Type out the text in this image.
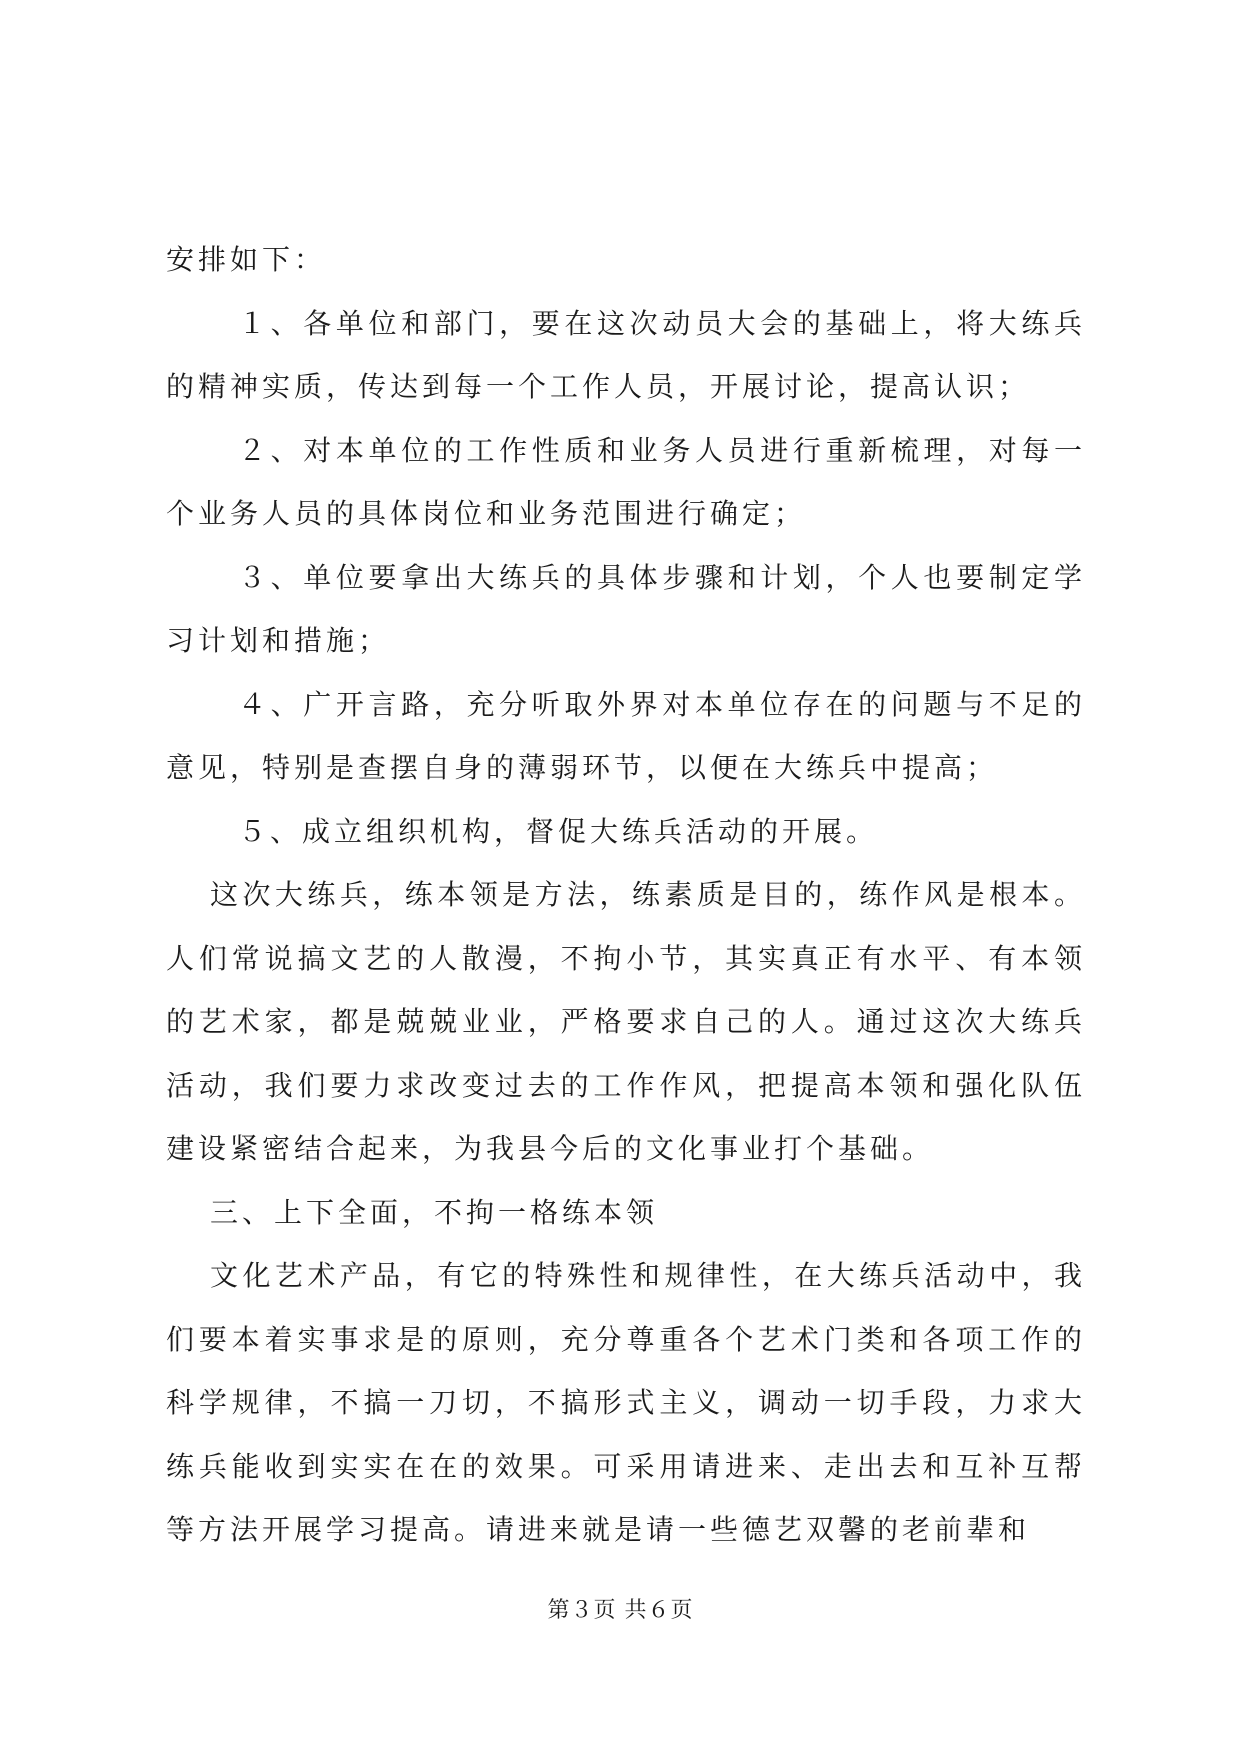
安排如下：

１、各单位和部门，要在这次动员大会的基础上，将大练兵的精神实质，传达到每一个工作人员，开展讨论，提高认识；

２、对本单位的工作性质和业务人员进行重新梳理，对每一个业务人员的具体岗位和业务范围进行确定；

３、单位要拿出大练兵的具体步骤和计划，个人也要制定学习计划和措施；

４、广开言路，充分听取外界对本单位存在的问题与不足的意见，特别是查摆自身的薄弱环节，以便在大练兵中提高；

５、成立组织机构，督促大练兵活动的开展。

这次大练兵，练本领是方法，练素质是目的，练作风是根本。人们常说搞文艺的人散漫，不拘小节，其实真正有水平、有本领的艺术家，都是兢兢业业，严格要求自己的人。通过这次大练兵活动，我们要力求改变过去的工作作风，把提高本领和强化队伍建设紧密结合起来，为我县今后的文化事业打个基础。

三、上下全面，不拘一格练本领

文化艺术产品，有它的特殊性和规律性，在大练兵活动中，我们要本着实事求是的原则，充分尊重各个艺术门类和各项工作的科学规律，不搞一刀切，不搞形式主义，调动一切手段，力求大练兵能收到实实在在的效果。可采用请进来、走出去和互补互帮等方法开展学习提高。请进来就是请一些德艺双馨的老前辈和

第３页 共６页
